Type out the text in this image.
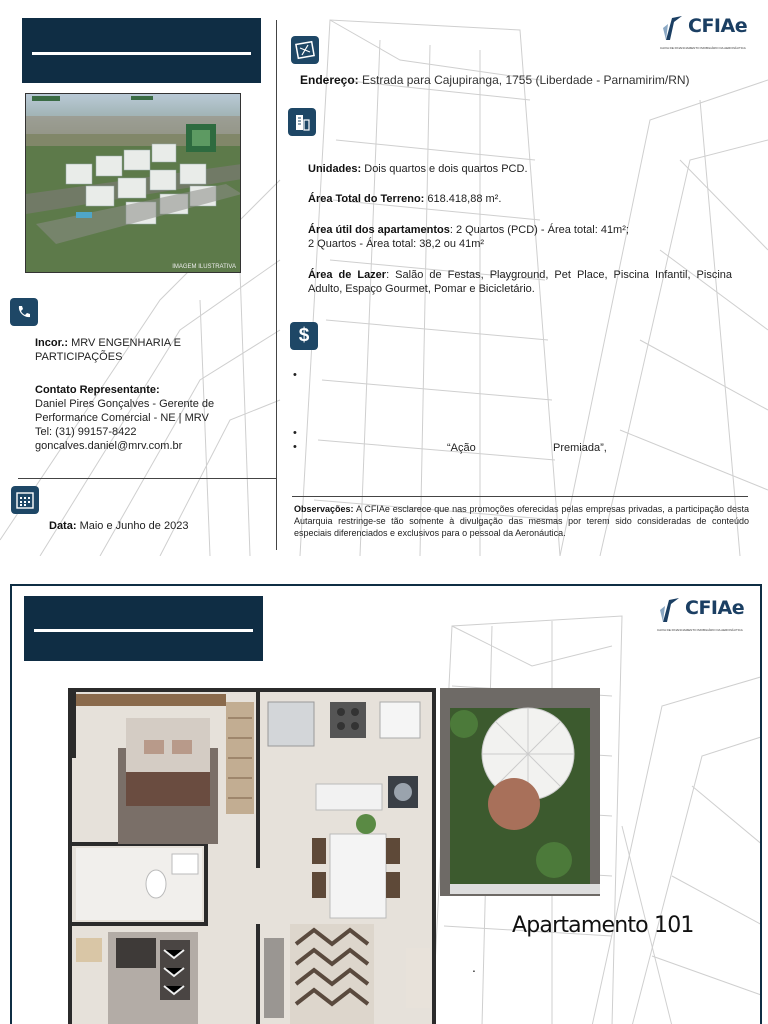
CFIAe
CAIXA DE FINANCIAMENTO IMOBILIÁRIO DA AERONÁUTICA
IMAGEM ILUSTRATIVA
$
Endereço: Estrada para Cajupiranga, 1755 (Liberdade - Parnamirim/RN)
Unidades: Dois quartos e dois quartos PCD.
Área Total do Terreno: 618.418,88 m².
Área útil dos apartamentos: 2 Quartos (PCD) - Área total: 41m²;
2 Quartos - Área total: 38,2 ou 41m²
Área de Lazer: Salão de Festas, Playground, Pet Place, Piscina Infantil, Piscina Adulto, Espaço Gourmet, Pomar e Bicicletário.
•
•
•	“Ação	Premiada”,
Observações: A CFIAe esclarece que nas promoções oferecidas pelas empresas privadas, a participação desta Autarquia restringe-se tão somente à divulgação das mesmas por terem sido consideradas de conteúdo especiais diferenciados e exclusivos para o pessoal da Aeronáutica.
Incor.: MRV ENGENHARIA E PARTICIPAÇÕES
Contato Representante:
Daniel Pires Gonçalves - Gerente de Performance Comercial - NE | MRV
Tel: (31) 99157-8422
goncalves.daniel@mrv.com.br
Data: Maio e Junho de 2023
CFIAe
CAIXA DE FINANCIAMENTO IMOBILIÁRIO DA AERONÁUTICA
Apartamento 101
.
